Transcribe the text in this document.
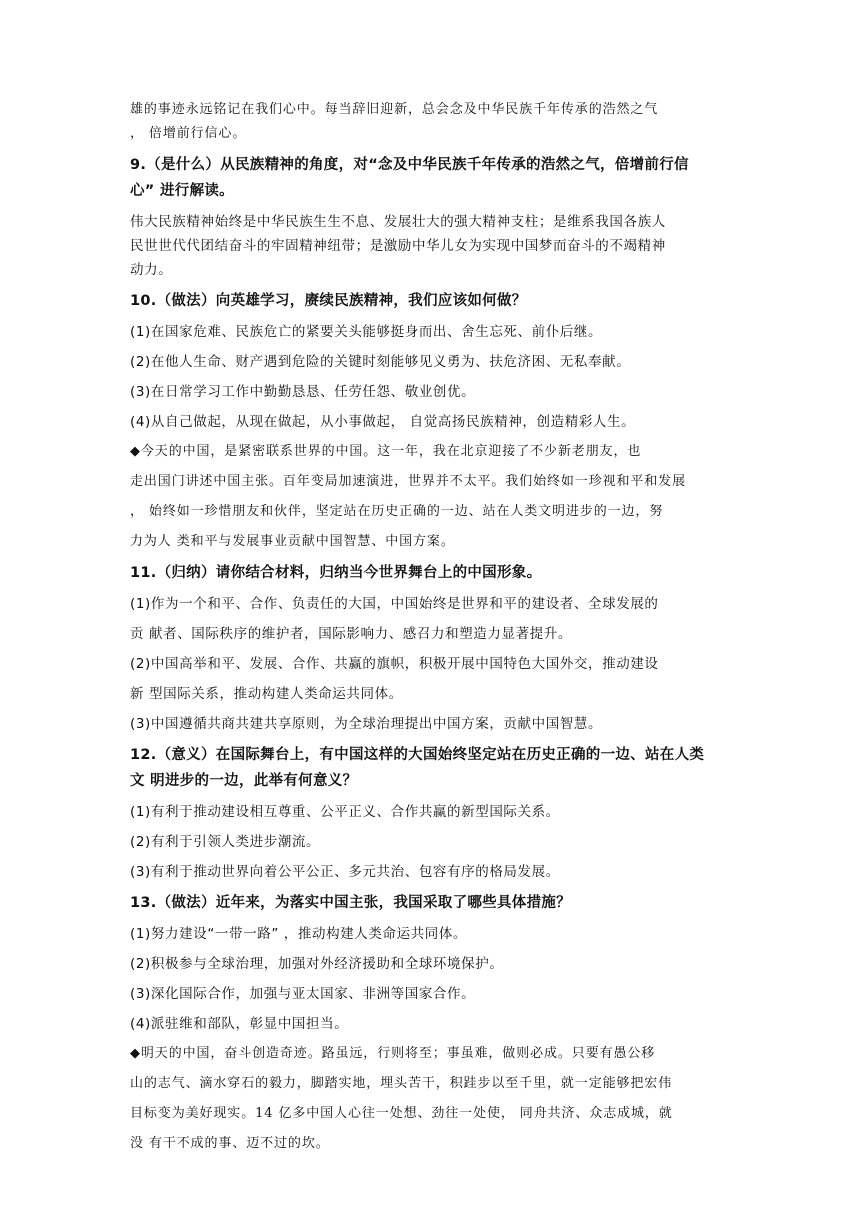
雄的事迹永远铭记在我们心中。每当辞旧迎新，总会念及中华民族千年传承的浩然之气
， 倍增前行信心。
9.（是什么）从民族精神的角度，对“念及中华民族千年传承的浩然之气，倍增前行信
心” 进行解读。
伟大民族精神始终是中华民族生生不息、发展壮大的强大精神支柱；是维系我国各族人
民世世代代团结奋斗的牢固精神纽带；是激励中华儿女为实现中国梦而奋斗的不竭精神
动力。
10.（做法）向英雄学习，赓续民族精神，我们应该如何做？
(1)在国家危难、民族危亡的紧要关头能够挺身而出、舍生忘死、前仆后继。
(2)在他人生命、财产遇到危险的关键时刻能够见义勇为、扶危济困、无私奉献。
(3)在日常学习工作中勤勤恳恳、任劳任怨、敬业创优。
(4)从自己做起，从现在做起，从小事做起， 自觉高扬民族精神，创造精彩人生。
◆今天的中国，是紧密联系世界的中国。这一年，我在北京迎接了不少新老朋友，也
走出国门讲述中国主张。百年变局加速演进，世界并不太平。我们始终如一珍视和平和发展
， 始终如一珍惜朋友和伙伴，坚定站在历史正确的一边、站在人类文明进步的一边，努
力为人 类和平与发展事业贡献中国智慧、中国方案。
11.（归纳）请你结合材料，归纳当今世界舞台上的中国形象。
(1)作为一个和平、合作、负责任的大国，中国始终是世界和平的建设者、全球发展的
贡 献者、国际秩序的维护者，国际影响力、感召力和塑造力显著提升。
(2)中国高举和平、发展、合作、共赢的旗帜，积极开展中国特色大国外交，推动建设
新 型国际关系，推动构建人类命运共同体。
(3)中国遵循共商共建共享原则，为全球治理提出中国方案，贡献中国智慧。
12.（意义）在国际舞台上，有中国这样的大国始终坚定站在历史正确的一边、站在人类
文 明进步的一边，此举有何意义？
(1)有利于推动建设相互尊重、公平正义、合作共赢的新型国际关系。
(2)有利于引领人类进步潮流。
(3)有利于推动世界向着公平公正、多元共治、包容有序的格局发展。
13.（做法）近年来，为落实中国主张，我国采取了哪些具体措施？
(1)努力建设“一带一路” ，推动构建人类命运共同体。
(2)积极参与全球治理，加强对外经济援助和全球环境保护。
(3)深化国际合作，加强与亚太国家、非洲等国家合作。
(4)派驻维和部队，彰显中国担当。
◆明天的中国，奋斗创造奇迹。路虽远，行则将至；事虽难，做则必成。只要有愚公移
山的志气、滴水穿石的毅力，脚踏实地，埋头苦干，积跬步以至千里，就一定能够把宏伟
目标变为美好现实。14 亿多中国人心往一处想、劲往一处使， 同舟共济、众志成城，就
没 有干不成的事、迈不过的坎。
